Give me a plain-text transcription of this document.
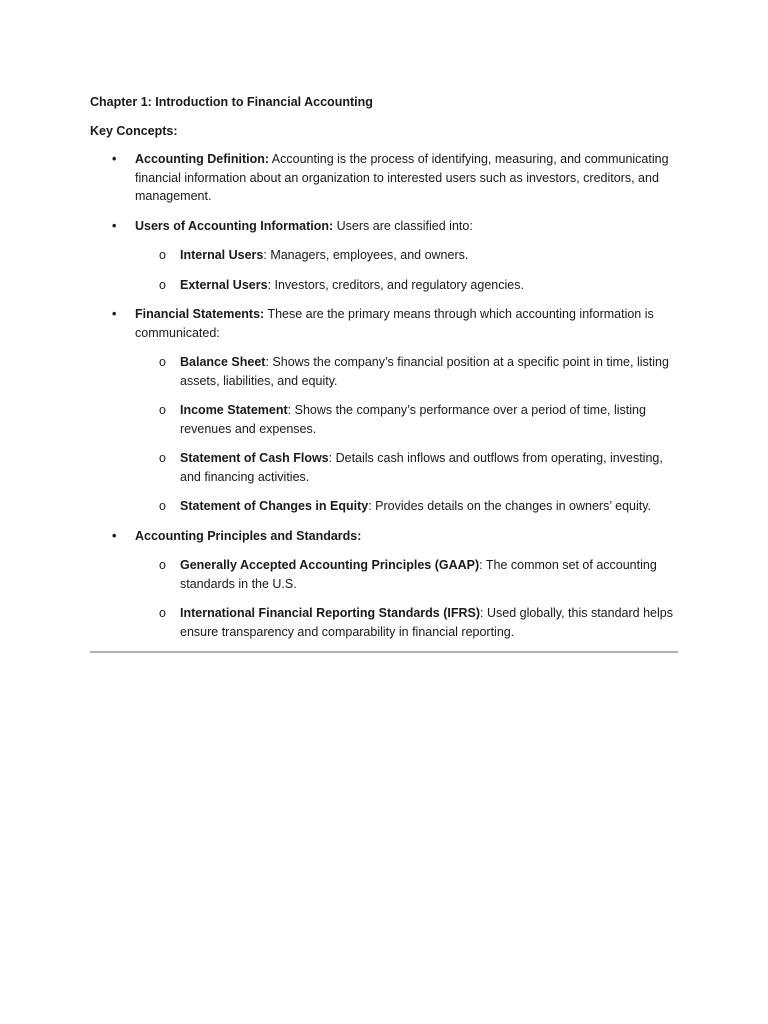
Chapter 1: Introduction to Financial Accounting

Key Concepts:

• Accounting Definition: Accounting is the process of identifying, measuring, and communicating financial information about an organization to interested users such as investors, creditors, and management.
• Users of Accounting Information: Users are classified into:
o Internal Users: Managers, employees, and owners.
o External Users: Investors, creditors, and regulatory agencies.
• Financial Statements: These are the primary means through which accounting information is communicated:
o Balance Sheet: Shows the company’s financial position at a specific point in time, listing assets, liabilities, and equity.
o Income Statement: Shows the company’s performance over a period of time, listing revenues and expenses.
o Statement of Cash Flows: Details cash inflows and outflows from operating, investing, and financing activities.
o Statement of Changes in Equity: Provides details on the changes in owners’ equity.
• Accounting Principles and Standards:
o Generally Accepted Accounting Principles (GAAP): The common set of accounting standards in the U.S.
o International Financial Reporting Standards (IFRS): Used globally, this standard helps ensure transparency and comparability in financial reporting.
